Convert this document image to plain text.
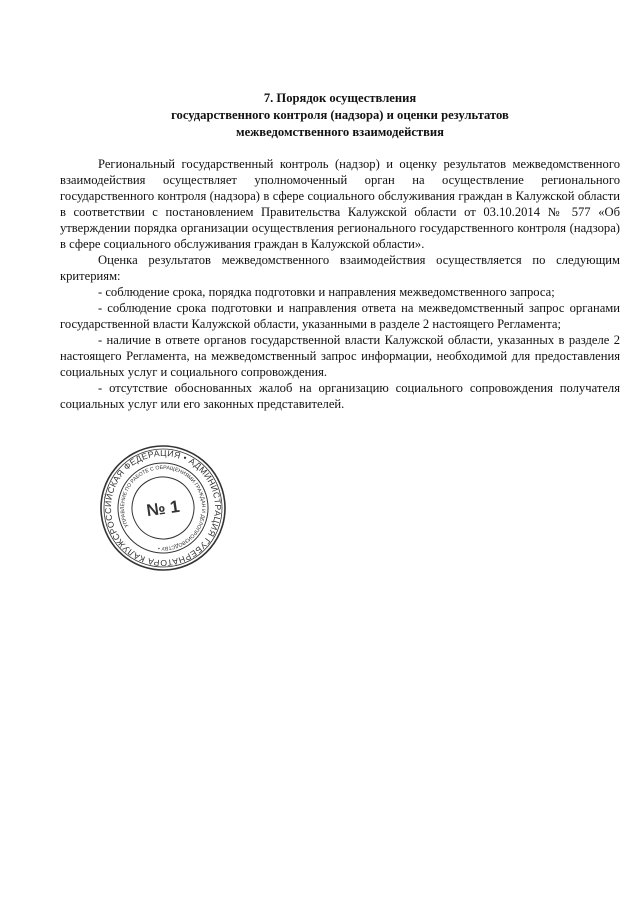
7. Порядок осуществления
государственного контроля (надзора) и оценки результатов
межведомственного взаимодействия

Региональный государственный контроль (надзор) и оценку результатов межведомственного взаимодействия осуществляет уполномоченный орган на осуществление регионального государственного контроля (надзора) в сфере социального обслуживания граждан в Калужской области в соответствии с постановлением Правительства Калужской области от 03.10.2014 № 577 «Об утверждении порядка организации осуществления регионального государственного контроля (надзора) в сфере социального обслуживания граждан в Калужской области».

Оценка результатов межведомственного взаимодействия осуществляется по следующим критериям:

- соблюдение срока, порядка подготовки и направления межведомственного запроса;

- соблюдение срока подготовки и направления ответа на межведомственный запрос органами государственной власти Калужской области, указанными в разделе 2 настоящего Регламента;

- наличие в ответе органов государственной власти Калужской области, указанных в разделе 2 настоящего Регламента, на межведомственный запрос информации, необходимой для предоставления социальных услуг и социального сопровождения.

- отсутствие обоснованных жалоб на организацию социального сопровождения получателя социальных услуг или его законных представителей.

РОССИЙСКАЯ ФЕДЕРАЦИЯ • АДМИНИСТРАЦИЯ ГУБЕРНАТОРА КАЛУЖСКОЙ
УПРАВЛЕНИЕ ПО РАБОТЕ С ОБРАЩЕНИЯМИ ГРАЖДАН И ДЕЛОПРОИЗВОДСТВУ •
№ 1
